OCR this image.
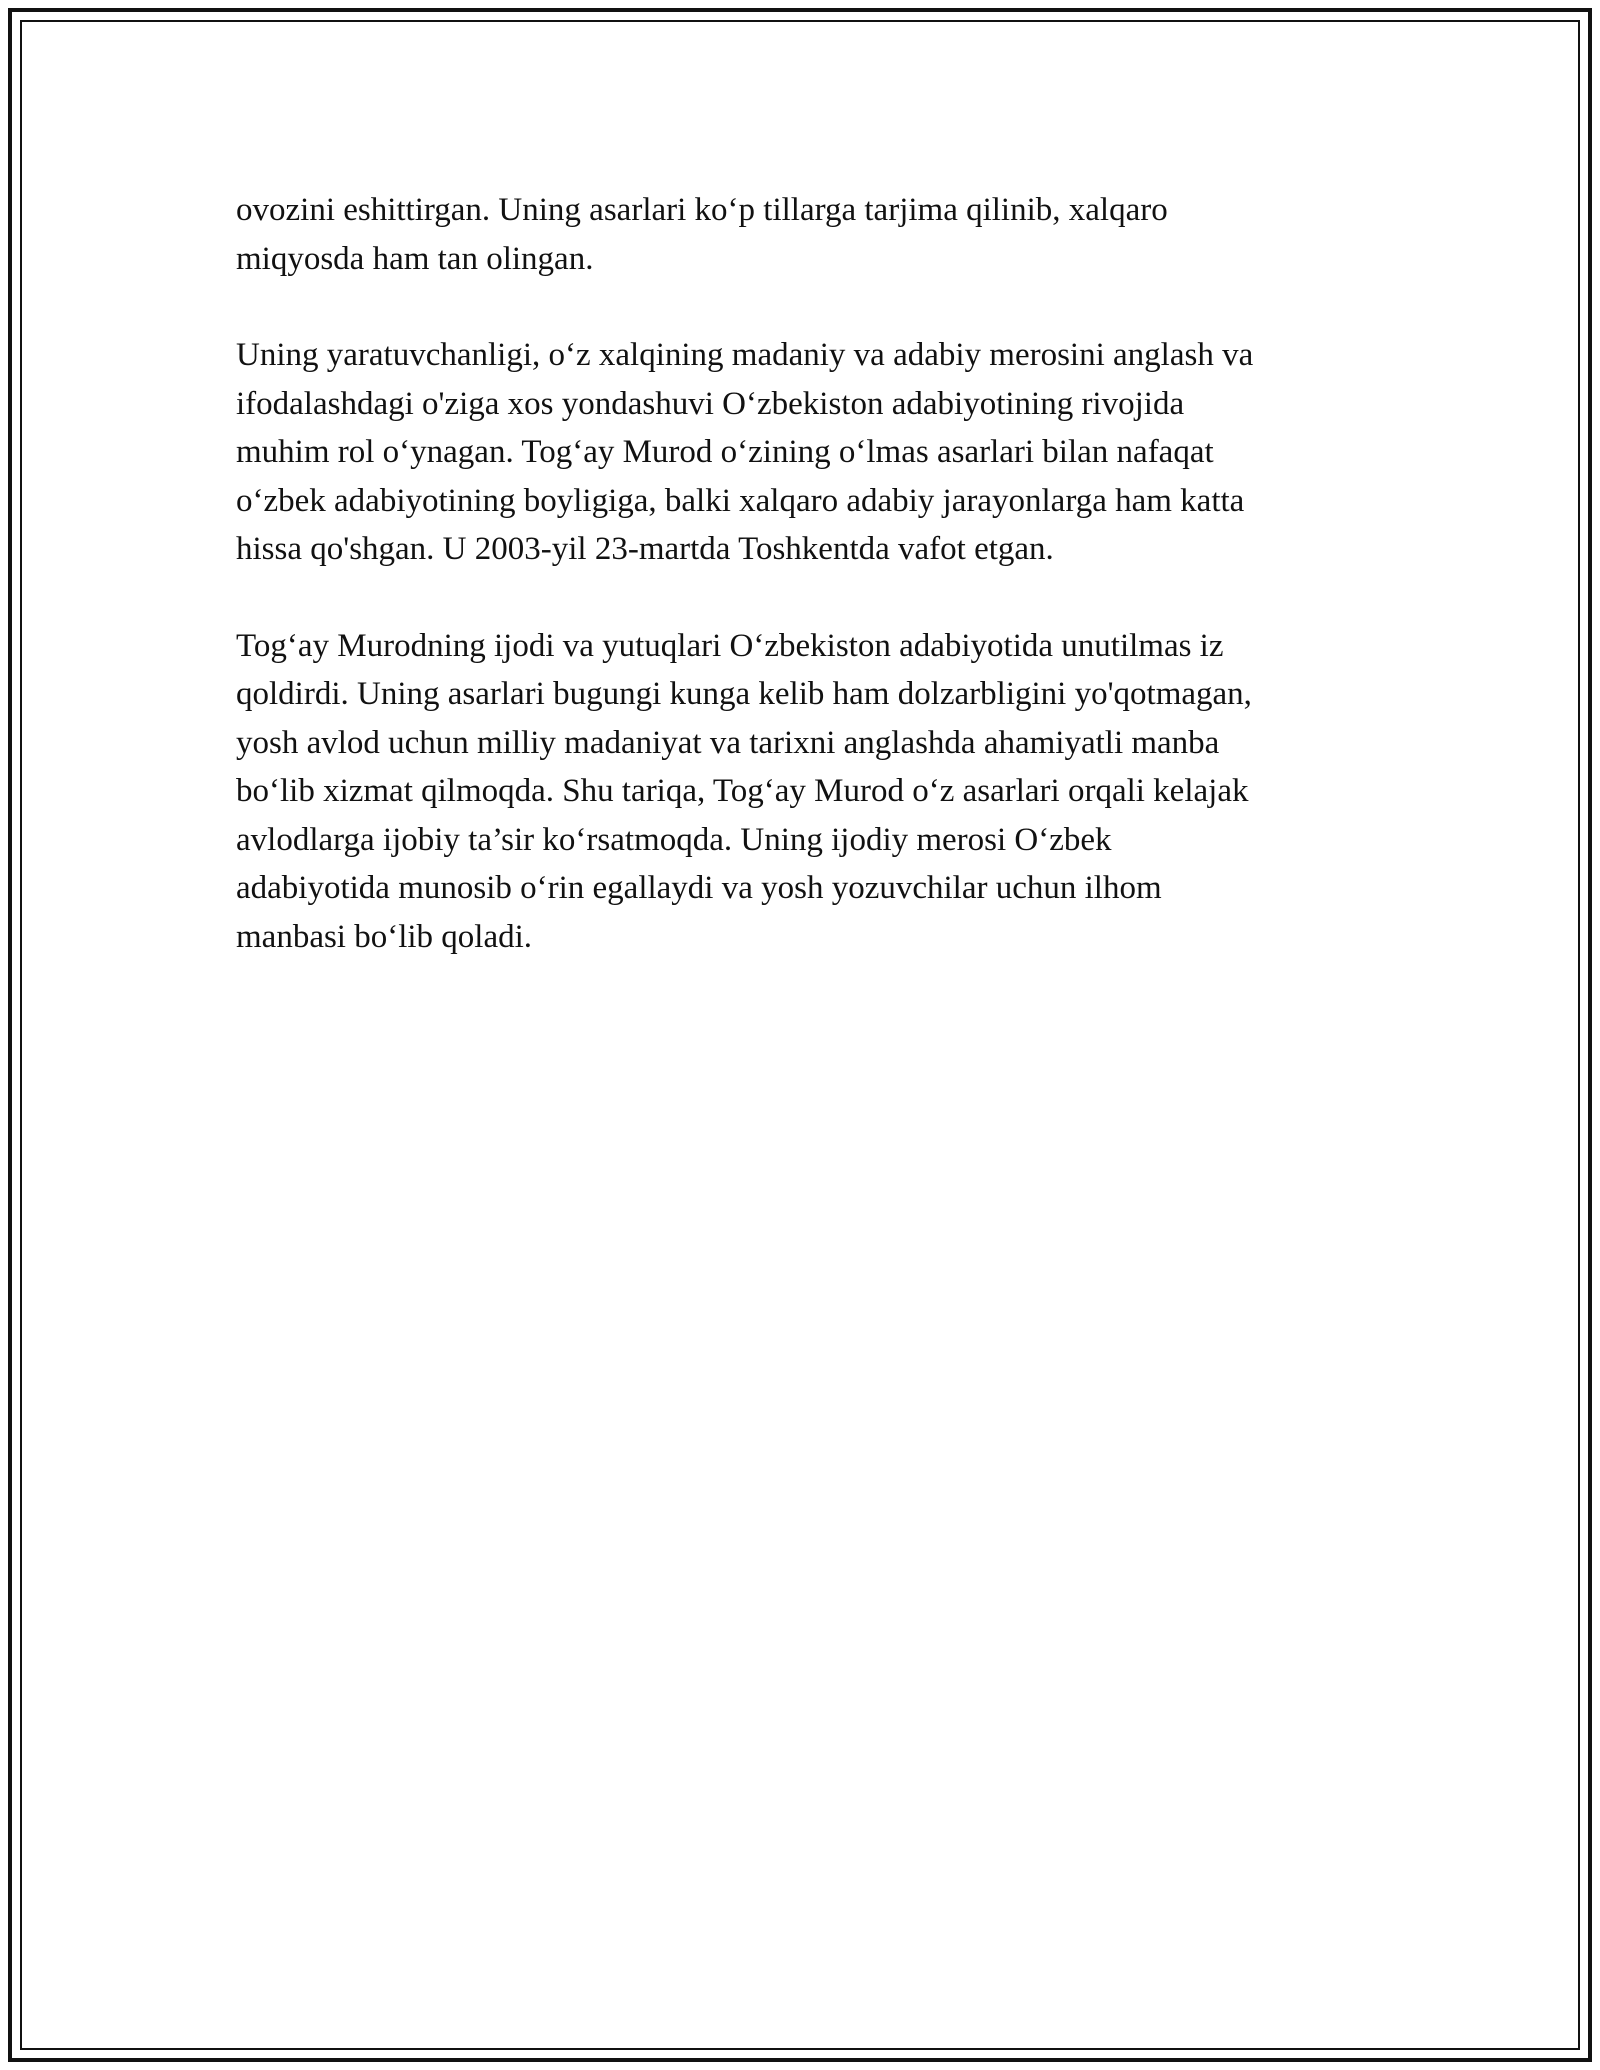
ovozini eshittirgan. Uning asarlari ko‘p tillarga tarjima qilinib, xalqaro
miqyosda ham tan olingan.

Uning yaratuvchanligi, o‘z xalqining madaniy va adabiy merosini anglash va
ifodalashdagi o'ziga xos yondashuvi O‘zbekiston adabiyotining rivojida
muhim rol o‘ynagan. Tog‘ay Murod o‘zining o‘lmas asarlari bilan nafaqat
o‘zbek adabiyotining boyligiga, balki xalqaro adabiy jarayonlarga ham katta
hissa qo'shgan. U 2003-yil 23-martda Toshkentda vafot etgan.

Tog‘ay Murodning ijodi va yutuqlari O‘zbekiston adabiyotida unutilmas iz
qoldirdi. Uning asarlari bugungi kunga kelib ham dolzarbligini yo'qotmagan,
yosh avlod uchun milliy madaniyat va tarixni anglashda ahamiyatli manba
bo‘lib xizmat qilmoqda. Shu tariqa, Tog‘ay Murod o‘z asarlari orqali kelajak
avlodlarga ijobiy ta’sir ko‘rsatmoqda. Uning ijodiy merosi O‘zbek
adabiyotida munosib o‘rin egallaydi va yosh yozuvchilar uchun ilhom
manbasi bo‘lib qoladi.
